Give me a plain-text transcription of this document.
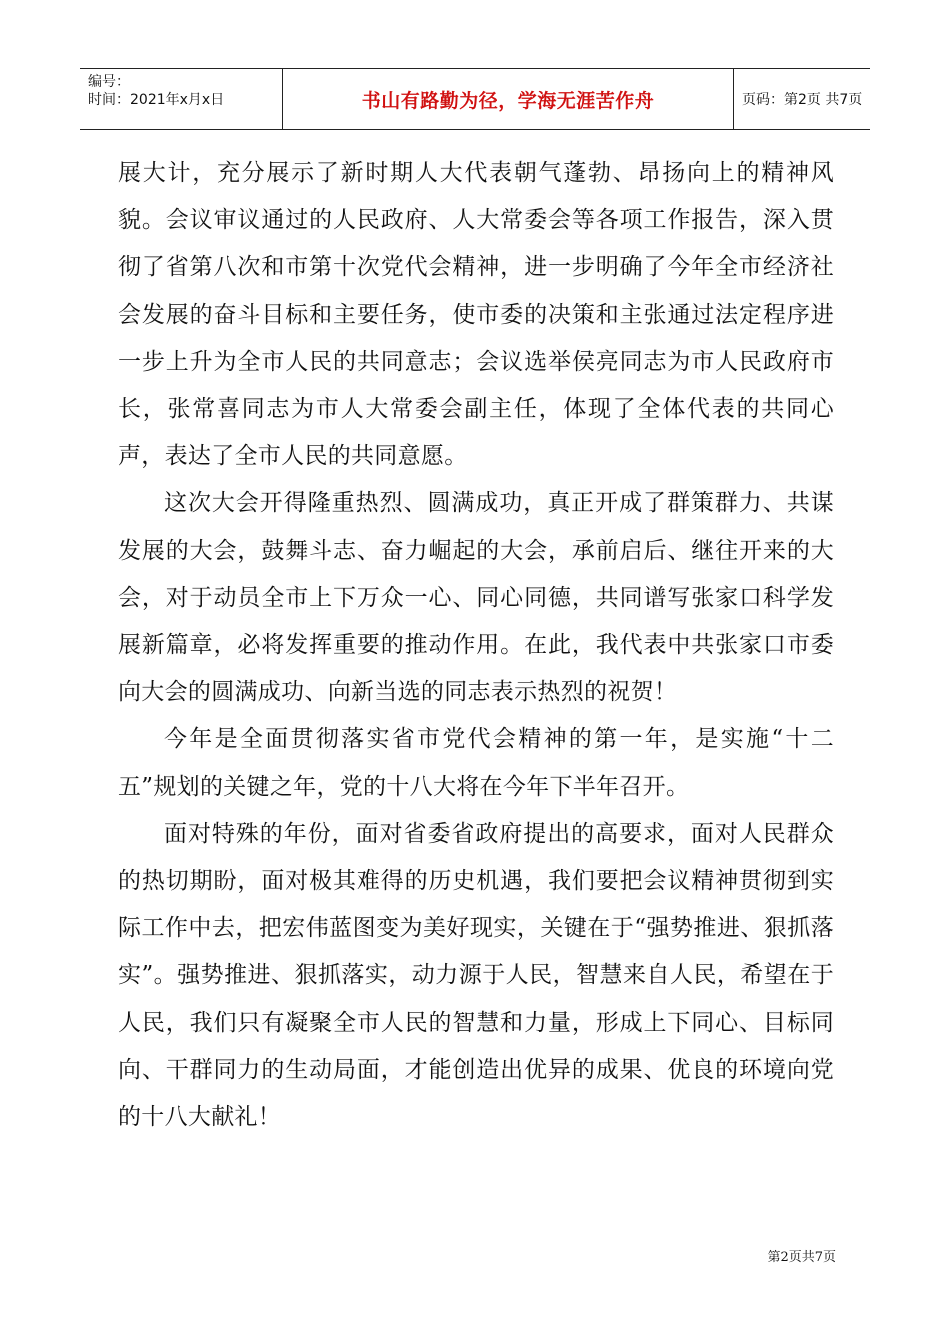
编号：
时间：2021年x月x日	书山有路勤为径，学海无涯苦作舟	页码：第2页 共7页

展大计，充分展示了新时期人大代表朝气蓬勃、昂扬向上的精神风貌。会议审议通过的人民政府、人大常委会等各项工作报告，深入贯彻了省第八次和市第十次党代会精神，进一步明确了今年全市经济社会发展的奋斗目标和主要任务，使市委的决策和主张通过法定程序进一步上升为全市人民的共同意志；会议选举侯亮同志为市人民政府市长，张常喜同志为市人大常委会副主任，体现了全体代表的共同心声，表达了全市人民的共同意愿。

这次大会开得隆重热烈、圆满成功，真正开成了群策群力、共谋发展的大会，鼓舞斗志、奋力崛起的大会，承前启后、继往开来的大会，对于动员全市上下万众一心、同心同德，共同谱写张家口科学发展新篇章，必将发挥重要的推动作用。在此，我代表中共张家口市委向大会的圆满成功、向新当选的同志表示热烈的祝贺！

今年是全面贯彻落实省市党代会精神的第一年，是实施“十二五”规划的关键之年，党的十八大将在今年下半年召开。

面对特殊的年份，面对省委省政府提出的高要求，面对人民群众的热切期盼，面对极其难得的历史机遇，我们要把会议精神贯彻到实际工作中去，把宏伟蓝图变为美好现实，关键在于“强势推进、狠抓落实”。强势推进、狠抓落实，动力源于人民，智慧来自人民，希望在于人民，我们只有凝聚全市人民的智慧和力量，形成上下同心、目标同向、干群同力的生动局面，才能创造出优异的成果、优良的环境向党的十八大献礼！

第2页共7页
